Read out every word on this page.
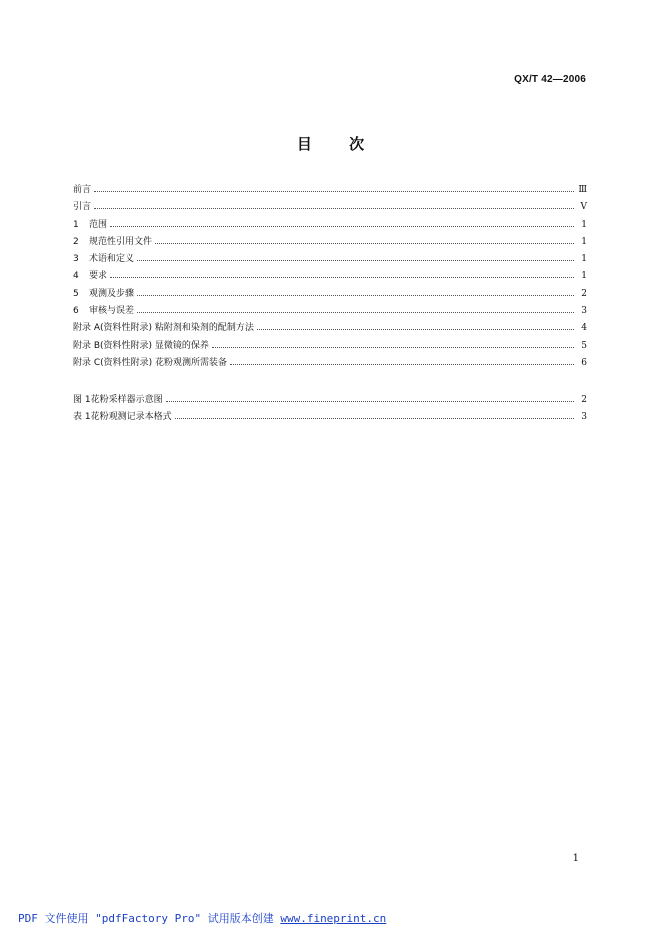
QX/T 42—2006
目 次
前言	Ⅲ
引言	Ⅴ
1 范围	1
2 规范性引用文件	1
3 术语和定义	1
4 要求	1
5 观测及步骤	2
6 审核与误差	3
附录 A(资料性附录) 粘附剂和染剂的配制方法	4
附录 B(资料性附录) 显微镜的保养	5
附录 C(资料性附录) 花粉观测所需装备	6
图 1花粉采样器示意图	2
表 1花粉观测记录本格式	3
1
PDF 文件使用 "pdfFactory Pro" 试用版本创建 www.fineprint.cn
